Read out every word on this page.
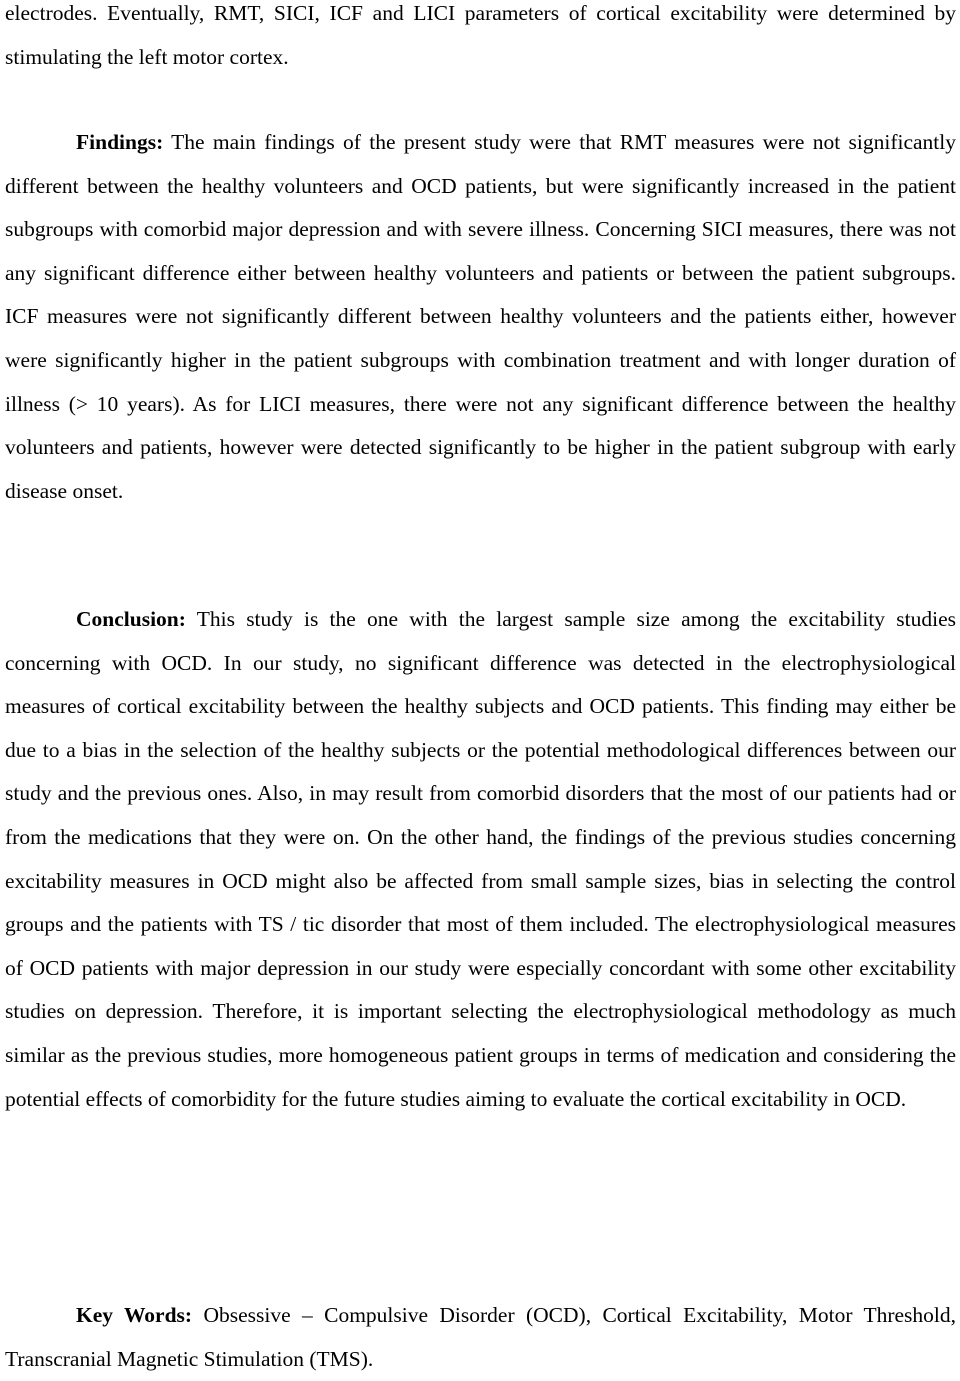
electrodes. Eventually, RMT, SICI, ICF and LICI parameters of cortical excitability were determined by stimulating the left motor cortex.

Findings: The main findings of the present study were that RMT measures were not significantly different between the healthy volunteers and OCD patients, but were significantly increased in the patient subgroups with comorbid major depression and with severe illness. Concerning SICI measures, there was not any significant difference either between healthy volunteers and patients or between the patient subgroups. ICF measures were not significantly different between healthy volunteers and the patients either, however were significantly higher in the patient subgroups with combination treatment and with longer duration of illness (> 10 years). As for LICI measures, there were not any significant difference between the healthy volunteers and patients, however were detected significantly to be higher in the patient subgroup with early disease onset.

Conclusion: This study is the one with the largest sample size among the excitability studies concerning with OCD. In our study, no significant difference was detected in the electrophysiological measures of cortical excitability between the healthy subjects and OCD patients. This finding may either be due to a bias in the selection of the healthy subjects or the potential methodological differences between our study and the previous ones. Also, in may result from comorbid disorders that the most of our patients had or from the medications that they were on. On the other hand, the findings of the previous studies concerning excitability measures in OCD might also be affected from small sample sizes, bias in selecting the control groups and the patients with TS / tic disorder that most of them included. The electrophysiological measures of OCD patients with major depression in our study were especially concordant with some other excitability studies on depression. Therefore, it is important selecting the electrophysiological methodology as much similar as the previous studies, more homogeneous patient groups in terms of medication and considering the potential effects of comorbidity for the future studies aiming to evaluate the cortical excitability in OCD.

Key Words: Obsessive – Compulsive Disorder (OCD), Cortical Excitability, Motor Threshold, Transcranial Magnetic Stimulation (TMS).
